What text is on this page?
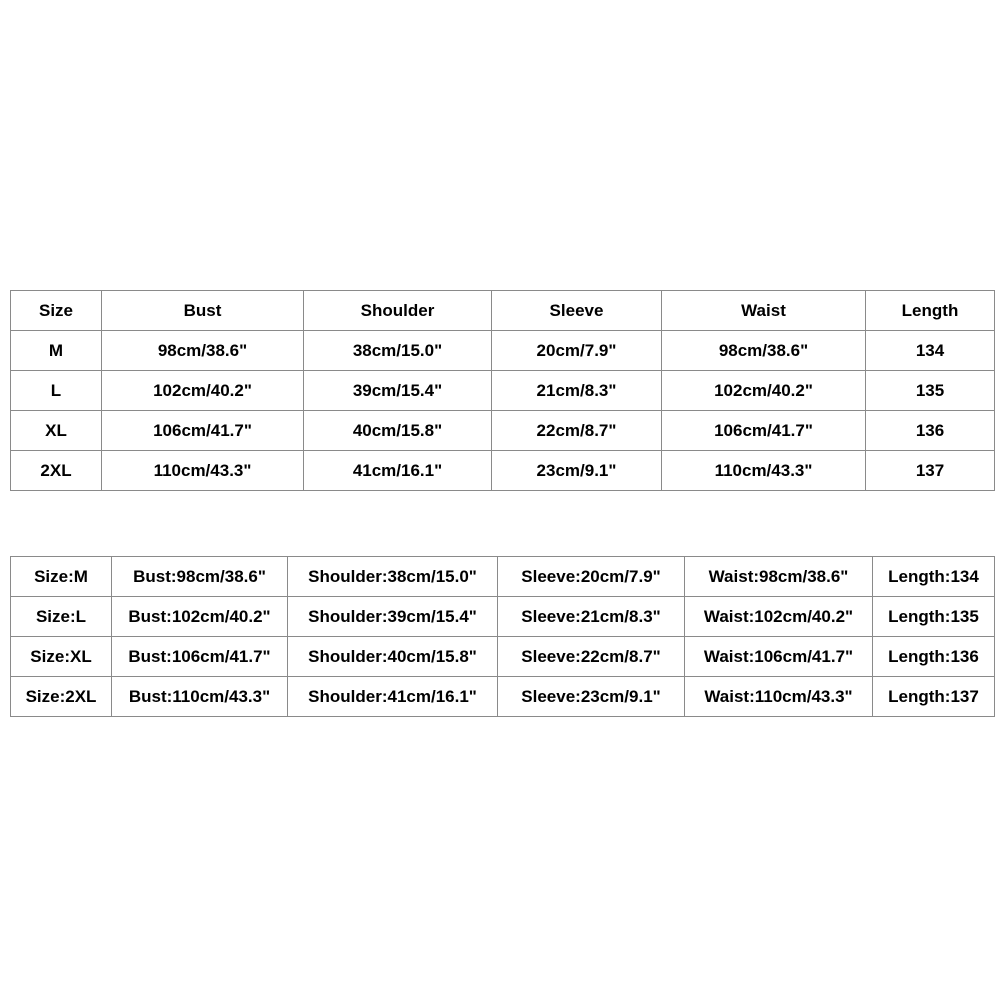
Size	Bust	Shoulder	Sleeve	Waist	Length
M	98cm/38.6"	38cm/15.0"	20cm/7.9"	98cm/38.6"	134
L	102cm/40.2"	39cm/15.4"	21cm/8.3"	102cm/40.2"	135
XL	106cm/41.7"	40cm/15.8"	22cm/8.7"	106cm/41.7"	136
2XL	110cm/43.3"	41cm/16.1"	23cm/9.1"	110cm/43.3"	137
Size:M	Bust:98cm/38.6"	Shoulder:38cm/15.0"	Sleeve:20cm/7.9"	Waist:98cm/38.6"	Length:134
Size:L	Bust:102cm/40.2"	Shoulder:39cm/15.4"	Sleeve:21cm/8.3"	Waist:102cm/40.2"	Length:135
Size:XL	Bust:106cm/41.7"	Shoulder:40cm/15.8"	Sleeve:22cm/8.7"	Waist:106cm/41.7"	Length:136
Size:2XL	Bust:110cm/43.3"	Shoulder:41cm/16.1"	Sleeve:23cm/9.1"	Waist:110cm/43.3"	Length:137
